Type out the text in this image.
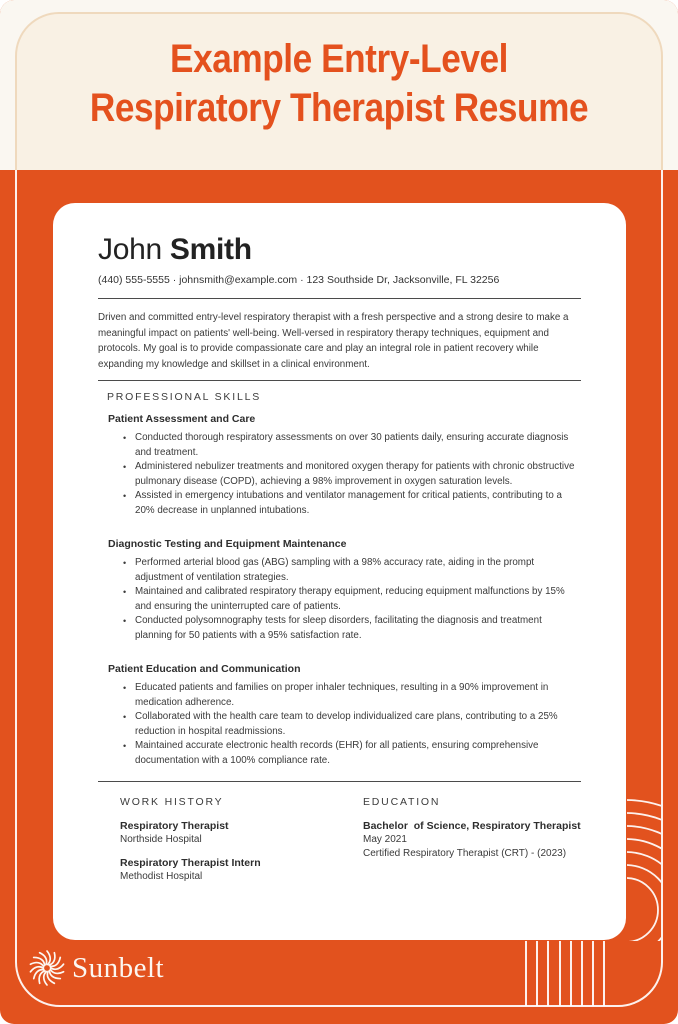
Example Entry-Level
Respiratory Therapist Resume
John Smith
(440) 555-5555 · johnsmith@example.com · 123 Southside Dr, Jacksonville, FL 32256

Driven and committed entry-level respiratory therapist with a fresh perspective and a strong desire to make a meaningful impact on patients' well-being. Well-versed in respiratory therapy techniques, equipment and protocols. My goal is to provide compassionate care and play an integral role in patient recovery while expanding my knowledge and skillset in a clinical environment.

PROFESSIONAL SKILLS
Patient Assessment and Care
• Conducted thorough respiratory assessments on over 30 patients daily, ensuring accurate diagnosis and treatment.
• Administered nebulizer treatments and monitored oxygen therapy for patients with chronic obstructive pulmonary disease (COPD), achieving a 98% improvement in oxygen saturation levels.
• Assisted in emergency intubations and ventilator management for critical patients, contributing to a 20% decrease in unplanned intubations.
Diagnostic Testing and Equipment Maintenance
• Performed arterial blood gas (ABG) sampling with a 98% accuracy rate, aiding in the prompt adjustment of ventilation strategies.
• Maintained and calibrated respiratory therapy equipment, reducing equipment malfunctions by 15% and ensuring the uninterrupted care of patients.
• Conducted polysomnography tests for sleep disorders, facilitating the diagnosis and treatment planning for 50 patients with a 95% satisfaction rate.
Patient Education and Communication
• Educated patients and families on proper inhaler techniques, resulting in a 90% improvement in medication adherence.
• Collaborated with the health care team to develop individualized care plans, contributing to a 25% reduction in hospital readmissions.
• Maintained accurate electronic health records (EHR) for all patients, ensuring comprehensive documentation with a 100% compliance rate.
WORK HISTORY
Respiratory Therapist
Northside Hospital
Respiratory Therapist Intern
Methodist Hospital
EDUCATION
Bachelor  of Science, Respiratory Therapist
May 2021
Certified Respiratory Therapist (CRT) - (2023)
Sunbelt
